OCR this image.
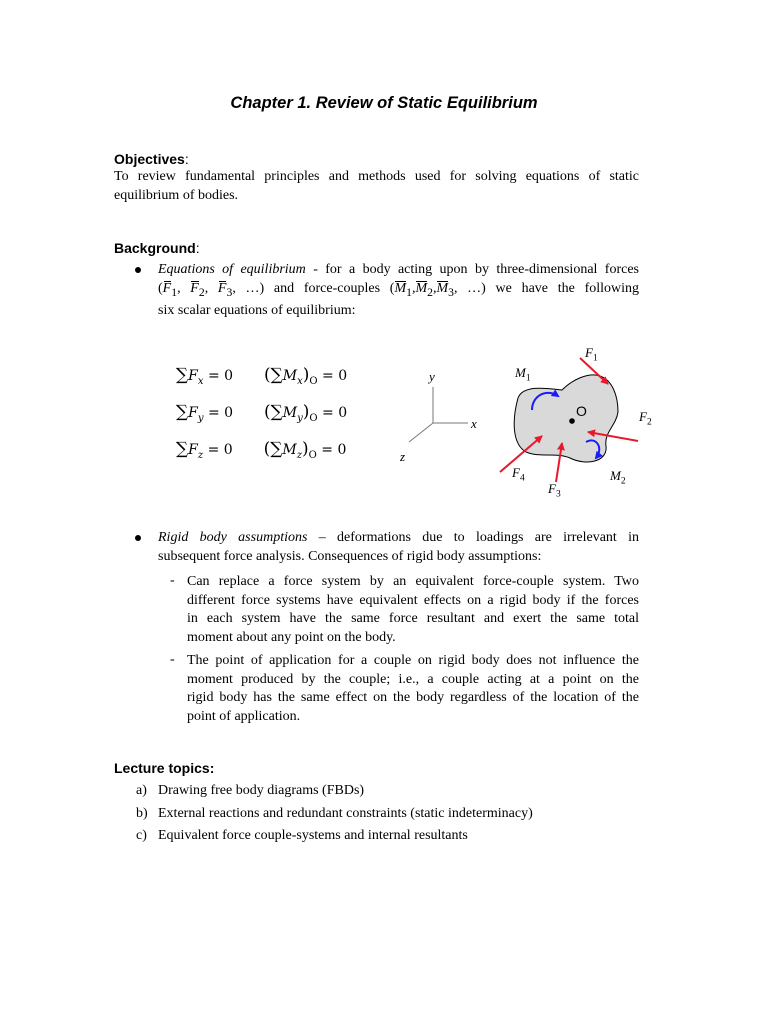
Chapter 1. Review of Static Equilibrium
Objectives:
To review fundamental principles and methods used for solving equations of static
equilibrium of bodies.
Background:
Equations of equilibrium - for a body acting upon by three-dimensional forces
($F_1$, $F_2$, $F_3$, …) and force-couples ($M_1,M_2,M_3$, …) we have the following
six scalar equations of equilibrium:
$\sum F_x = 0$ $(\sum M_x)_O = 0$
$\sum F_y = 0$ $(\sum M_y)_O = 0$
$\sum F_z = 0$ $(\sum M_z)_O = 0$
y
x
z
$F_1$
$F_2$
$F_3$
$F_4$
$M_1$
$M_2$
O
Rigid body assumptions – deformations due to loadings are irrelevant in
subsequent force analysis. Consequences of rigid body assumptions:
- Can replace a force system by an equivalent force-couple system. Two
different force systems have equivalent effects on a rigid body if the forces
in each system have the same force resultant and exert the same total
moment about any point on the body.
- The point of application for a couple on rigid body does not influence the
moment produced by the couple; i.e., a couple acting at a point on the
rigid body has the same effect on the body regardless of the location of the
point of application.
Lecture topics:
a) Drawing free body diagrams (FBDs)
b) External reactions and redundant constraints (static indeterminacy)
c) Equivalent force couple-systems and internal resultants
